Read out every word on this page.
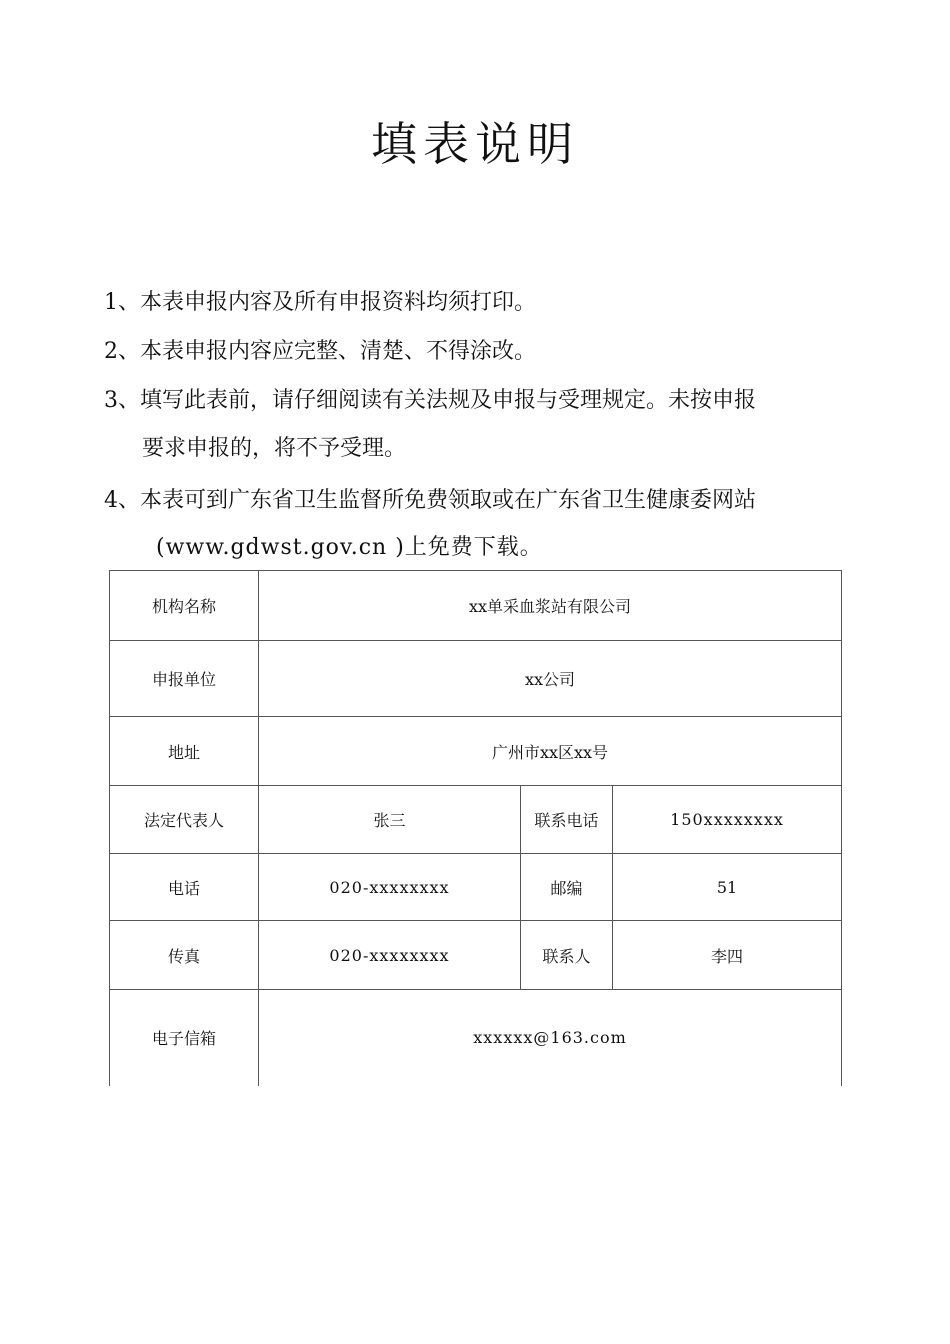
填表说明
1、本表申报内容及所有申报资料均须打印。
2、本表申报内容应完整、清楚、不得涂改。
3、填写此表前，请仔细阅读有关法规及申报与受理规定。未按申报
要求申报的，将不予受理。
4、本表可到广东省卫生监督所免费领取或在广东省卫生健康委网站
(www.gdwst.gov.cn )上免费下载。
机构名称	xx单采血浆站有限公司		
申报单位	xx公司		
地址	广州市xx区xx号		
法定代表人	张三	联系电话	150xxxxxxxx
电话	020-xxxxxxxx	邮编	51
传真	020-xxxxxxxx	联系人	李四
电子信箱	xxxxxx@163.com		
